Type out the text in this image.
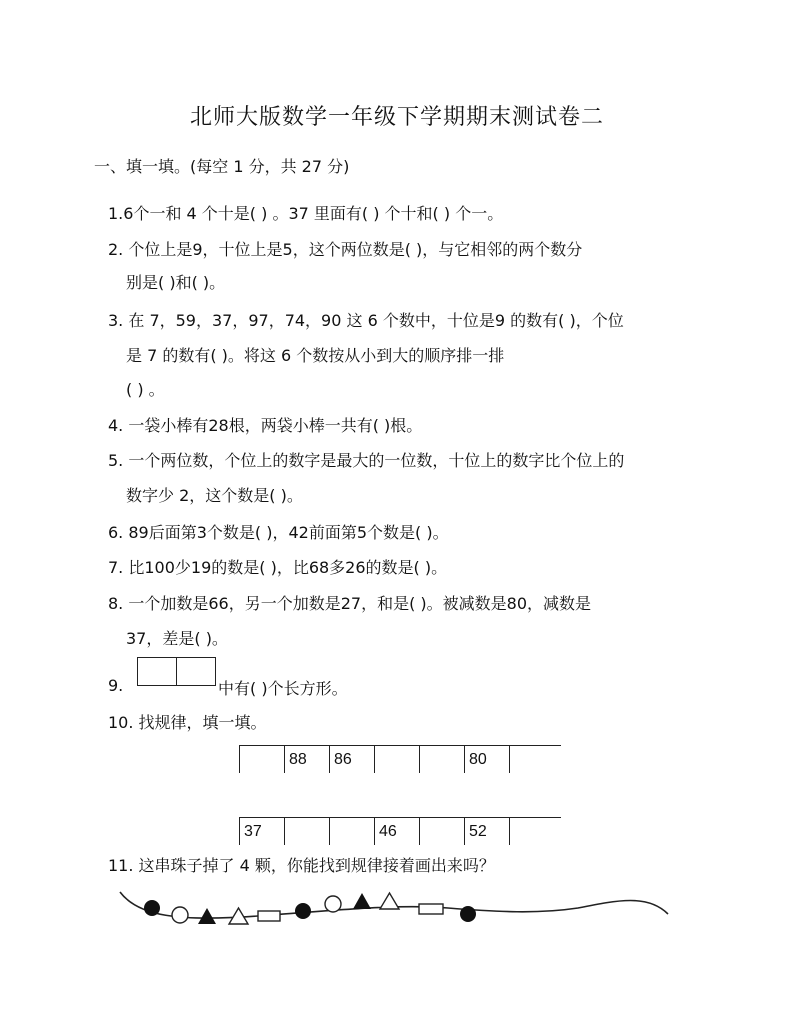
北师大版数学一年级下学期期末测试卷二
一、填一填。(每空 1 分，共 27 分)
1.6个一和 4 个十是( ) 。37 里面有( ) 个十和( ) 个一。
2. 个位上是9，十位上是5，这个两位数是( )，与它相邻的两个数分
别是( )和( )。
3. 在 7，59，37，97，74，90 这 6 个数中，十位是9 的数有( )，个位
是 7 的数有( )。将这 6 个数按从小到大的顺序排一排
( ) 。
4. 一袋小棒有28根，两袋小棒一共有( )根。
5. 一个两位数，个位上的数字是最大的一位数，十位上的数字比个位上的
数字少 2，这个数是( )。
6. 89后面第3个数是( )，42前面第5个数是( )。
7. 比100少19的数是( )，比68多26的数是( )。
8. 一个加数是66，另一个加数是27，和是( )。被减数是80，减数是
37，差是( )。
9.	中有( )个长方形。
10. 找规律，填一填。
	88	86			80	
37			46		52	
11. 这串珠子掉了 4 颗，你能找到规律接着画出来吗？
